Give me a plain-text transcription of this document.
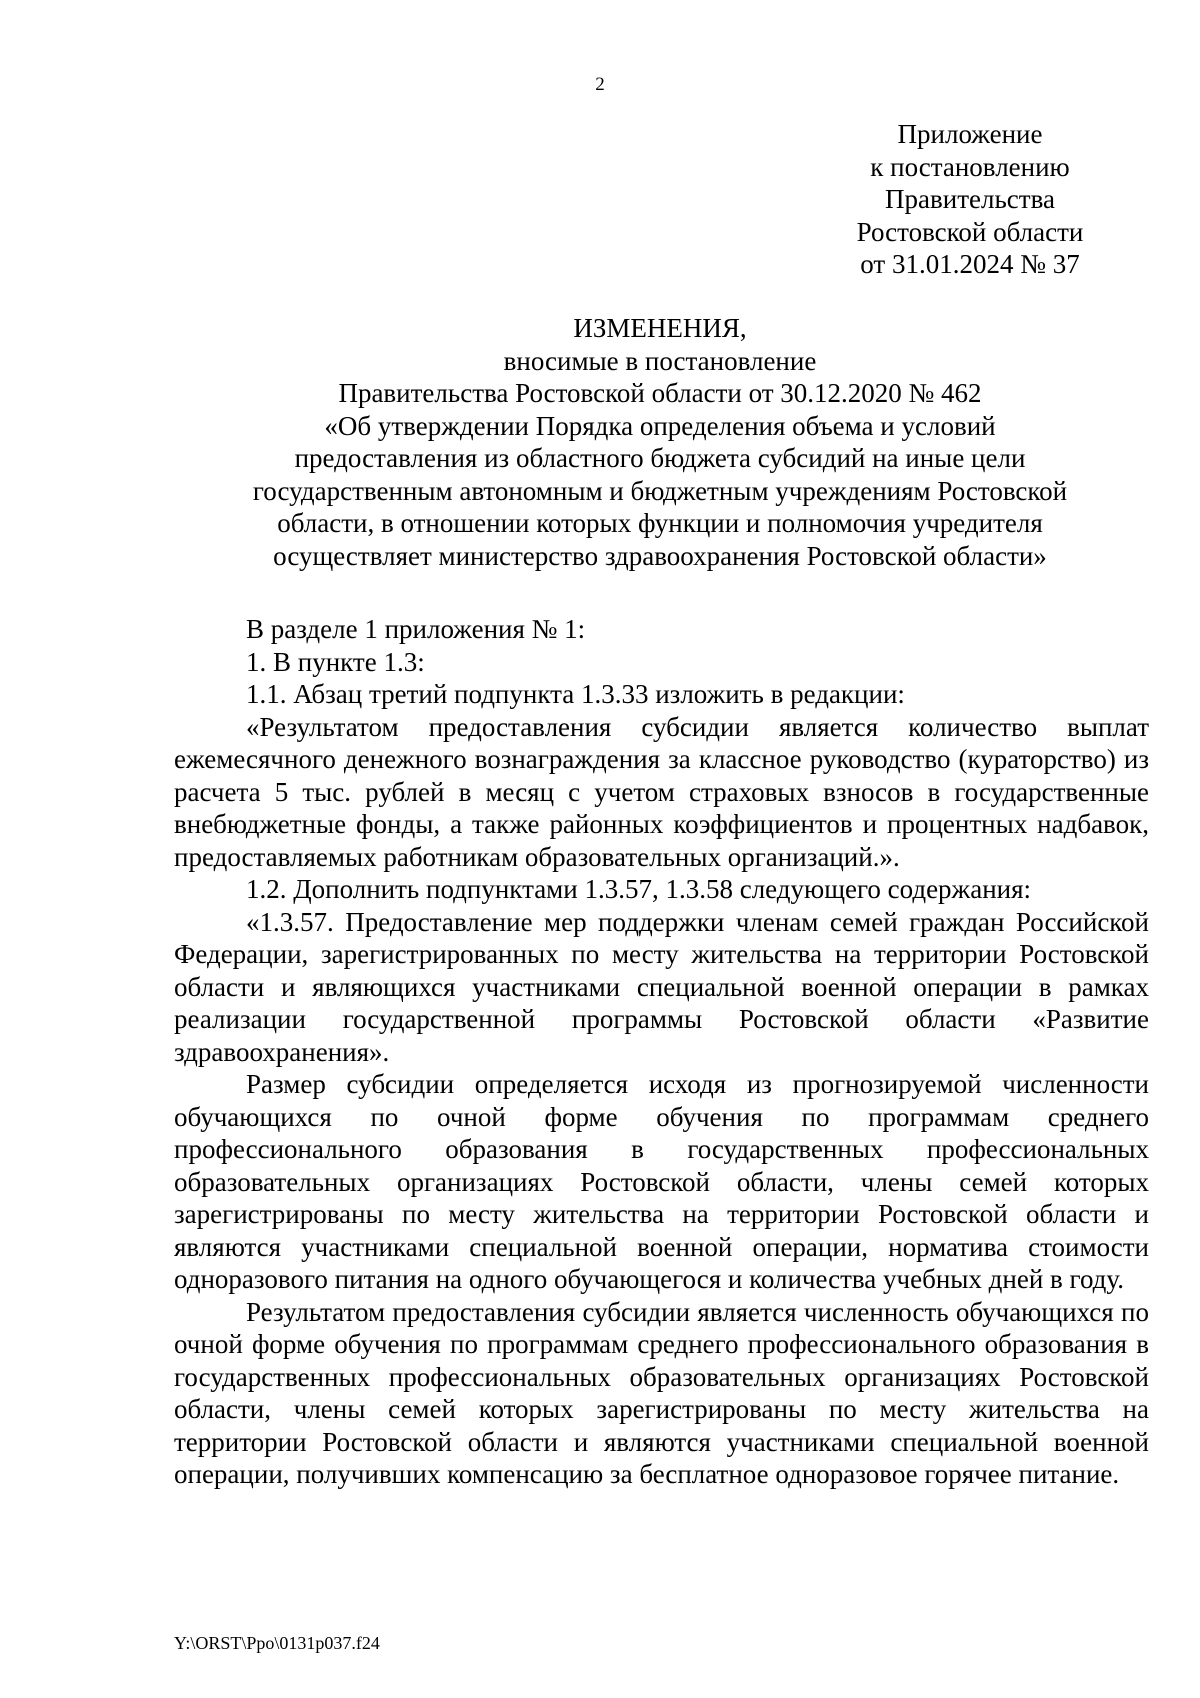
2
Приложение
к постановлению
Правительства
Ростовской области
от 31.01.2024 № 37
ИЗМЕНЕНИЯ,
вносимые в постановление
Правительства Ростовской области от 30.12.2020 № 462
«Об утверждении Порядка определения объема и условий
предоставления из областного бюджета субсидий на иные цели
государственным автономным и бюджетным учреждениям Ростовской
области, в отношении которых функции и полномочия учредителя
осуществляет министерство здравоохранения Ростовской области»

В разделе 1 приложения № 1:

1. В пункте 1.3:

1.1. Абзац третий подпункта 1.3.33 изложить в редакции:

«Результатом предоставления субсидии является количество выплат ежемесячного денежного вознаграждения за классное руководство (кураторство) из расчета 5 тыс. рублей в месяц с учетом страховых взносов в государственные внебюджетные фонды, а также районных коэффициентов и процентных надбавок, предоставляемых работникам образовательных организаций.».

1.2. Дополнить подпунктами 1.3.57, 1.3.58 следующего содержания:

«1.3.57. Предоставление мер поддержки членам семей граждан Российской Федерации, зарегистрированных по месту жительства на территории Ростовской области и являющихся участниками специальной военной операции в рамках реализации государственной программы Ростовской области «Развитие здравоохранения».

Размер субсидии определяется исходя из прогнозируемой численности обучающихся по очной форме обучения по программам среднего профессионального образования в государственных профессиональных образовательных организациях Ростовской области, члены семей которых зарегистрированы по месту жительства на территории Ростовской области и являются участниками специальной военной операции, норматива стоимости одноразового питания на одного обучающегося и количества учебных дней в году.

Результатом предоставления субсидии является численность обучающихся по очной форме обучения по программам среднего профессионального образования в государственных профессиональных образовательных организациях Ростовской области, члены семей которых зарегистрированы по месту жительства на территории Ростовской области и являются участниками специальной военной операции, получивших компенсацию за бесплатное одноразовое горячее питание.

Y:\ORST\Ppo\0131p037.f24
